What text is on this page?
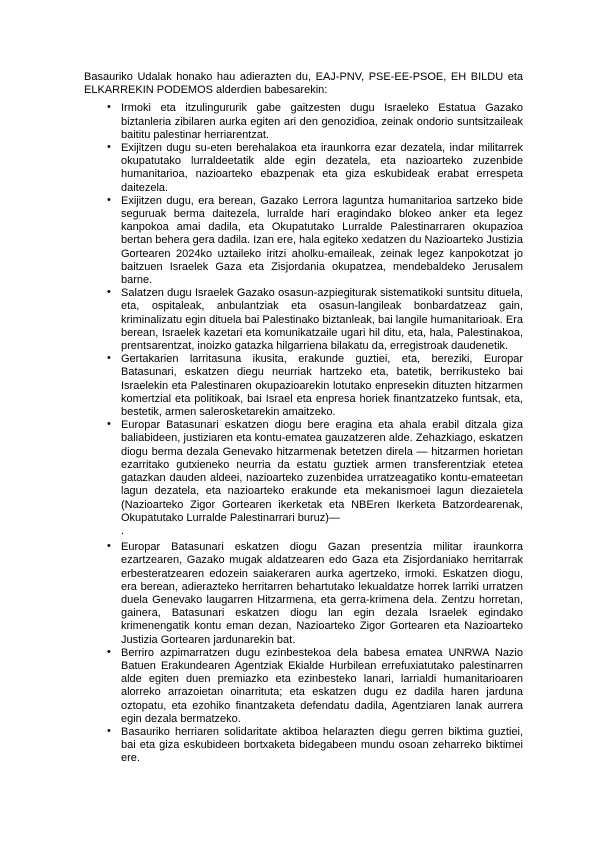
Basauriko Udalak honako hau adierazten du, EAJ-PNV, PSE-EE-PSOE, EH BILDU eta ELKARREKIN PODEMOS alderdien babesarekin:

• Irmoki eta itzulingururik gabe gaitzesten dugu Israeleko Estatua Gazako biztanleria zibilaren aurka egiten ari den genozidioa, zeinak ondorio suntsitzaileak baititu palestinar herriarentzat.
• Exijitzen dugu su-eten berehalakoa eta iraunkorra ezar dezatela, indar militarrek okupatutako lurraldeetatik alde egin dezatela, eta nazioarteko zuzenbide humanitarioa, nazioarteko ebazpenak eta giza eskubideak erabat errespeta daitezela.
• Exijitzen dugu, era berean, Gazako Lerrora laguntza humanitarioa sartzeko bide seguruak berma daitezela, lurralde hari eragindako blokeo anker eta legez kanpokoa amai dadila, eta Okupatutako Lurralde Palestinarraren okupazioa bertan behera gera dadila. Izan ere, hala egiteko xedatzen du Nazioarteko Justizia Gortearen 2024ko uztaileko iritzi aholku-emaileak, zeinak legez kanpokotzat jo baitzuen Israelek Gaza eta Zisjordania okupatzea, mendebaldeko Jerusalem barne.
• Salatzen dugu Israelek Gazako osasun-azpiegiturak sistematikoki suntsitu dituela, eta, ospitaleak, anbulantziak eta osasun-langileak bonbardatzeaz gain, kriminalizatu egin dituela bai Palestinako biztanleak, bai langile humanitarioak. Era berean, Israelek kazetari eta komunikatzaile ugari hil ditu, eta, hala, Palestinakoa, prentsarentzat, inoizko gatazka hilgarriena bilakatu da, erregistroak daudenetik.
• Gertakarien larritasuna ikusita, erakunde guztiei, eta, bereziki, Europar Batasunari, eskatzen diegu neurriak hartzeko eta, batetik, berrikusteko bai Israelekin eta Palestinaren okupazioarekin lotutako enpresekin dituzten hitzarmen komertzial eta politikoak, bai Israel eta enpresa horiek finantzatzeko funtsak, eta, bestetik, armen salerosketarekin amaitzeko.
• Europar Batasunari eskatzen diogu bere eragina eta ahala erabil ditzala giza baliabideen, justiziaren eta kontu-ematea gauzatzeren alde. Zehazkiago, eskatzen diogu berma dezala Genevako hitzarmenak betetzen direla — hitzarmen horietan ezarritako gutxieneko neurria da estatu guztiek armen transferentziak etetea gatazkan dauden aldeei, nazioarteko zuzenbidea urratzeagatiko kontu-emateetan lagun dezatela, eta nazioarteko erakunde eta mekanismoei lagun diezaietela (Nazioarteko Zigor Gortearen ikerketak eta NBEren Ikerketa Batzordearenak, Okupatutako Lurralde Palestinarrari buruz)—
.
• Europar Batasunari eskatzen diogu Gazan presentzia militar iraunkorra ezartzearen, Gazako mugak aldatzearen edo Gaza eta Zisjordaniako herritarrak erbesteratzearen edozein saiakeraren aurka agertzeko, irmoki. Eskatzen diogu, era berean, adierazteko herritarren behartutako lekualdatze horrek larriki urratzen duela Genevako laugarren Hitzarmena, eta gerra-krimena dela. Zentzu horretan, gainera, Batasunari eskatzen diogu lan egin dezala Israelek egindako krimenengatik kontu eman dezan, Nazioarteko Zigor Gortearen eta Nazioarteko Justizia Gortearen jardunarekin bat.
• Berriro azpimarratzen dugu ezinbestekoa dela babesa ematea UNRWA Nazio Batuen Erakundearen Agentziak Ekialde Hurbilean errefuxiatutako palestinarren alde egiten duen premiazko eta ezinbesteko lanari, larrialdi humanitarioaren alorreko arrazoietan oinarrituta; eta eskatzen dugu ez dadila haren jarduna oztopatu, eta ezohiko finantzaketa defendatu dadila, Agentziaren lanak aurrera egin dezala bermatzeko.
• Basauriko herriaren solidaritate aktiboa helarazten diegu gerren biktima guztiei, bai eta giza eskubideen bortxaketa bidegabeen mundu osoan zeharreko biktimei ere.
